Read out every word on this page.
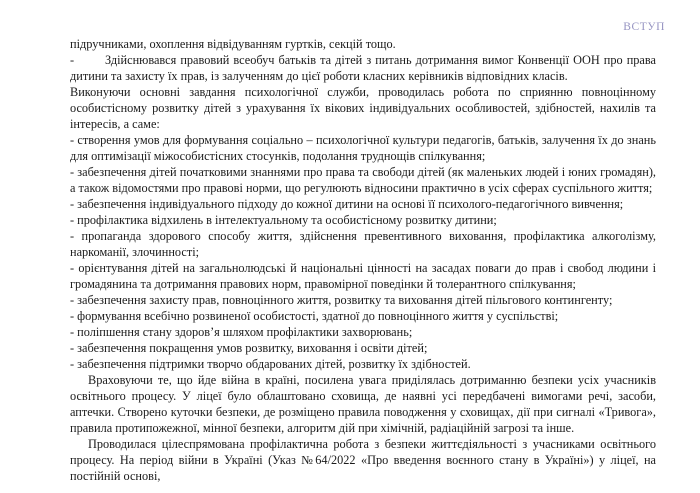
ВСТУП

підручниками, охоплення відвідуванням гуртків, секцій тощо.

-	Здійснювався правовий всеобуч батьків та дітей з питань дотримання вимог Конвенції ООН про права дитини та захисту їх прав, із залученням до цієї роботи класних керівників відповідних класів.

Виконуючи основні завдання психологічної служби, проводилась робота по сприянню повноцінному особистісному розвитку дітей з урахування їх вікових індивідуальних особливостей, здібностей, нахилів та інтересів, а саме:

- створення умов для формування соціально – психологічної культури педагогів, батьків, залучення їх до знань для оптимізації міжособистісних стосунків, подолання труднощів спілкування;

- забезпечення дітей початковими знаннями про права та свободи дітей (як маленьких людей і юних громадян), а також відомостями про правові норми, що регулюють відносини практично в усіх сферах суспільного життя;

- забезпечення індивідуального підходу до кожної дитини на основі її психолого-педагогічного вивчення;

- профілактика відхилень в інтелектуальному та особистісному розвитку дитини;

- пропаганда здорового способу життя, здійснення превентивного виховання, профілактика алкоголізму, наркоманії, злочинності;

- орієнтування дітей на загальнолюдські й національні цінності на засадах поваги до прав і свобод людини і громадянина та дотримання правових норм, правомірної поведінки й толерантного спілкування;

- забезпечення захисту прав, повноцінного життя, розвитку та виховання дітей пільгового контингенту;

- формування всебічно розвиненої особистості, здатної до повноцінного життя у суспільстві;

- поліпшення стану здоров’я шляхом профілактики захворювань;

- забезпечення покращення умов розвитку, виховання і освіти дітей;

- забезпечення підтримки творчо обдарованих дітей, розвитку їх здібностей.

Враховуючи те, що йде війна в країні, посилена увага приділялась дотриманню безпеки усіх учасників освітнього процесу. У ліцеї було облаштовано сховища, де наявні усі передбачені вимогами речі, засоби, аптечки. Створено куточки безпеки, де розміщено правила поводження у сховищах, дії при сигналі «Тривога», правила протипожежної, мінної безпеки, алгоритм дій при хімічній, радіаційній загрозі та інше.

Проводилася цілеспрямована профілактична робота з безпеки життєдіяльності з учасниками освітнього процесу. На період війни в Україні (Указ №64/2022 «Про введення воєнного стану в Україні») у ліцеї, на постійній основі,
